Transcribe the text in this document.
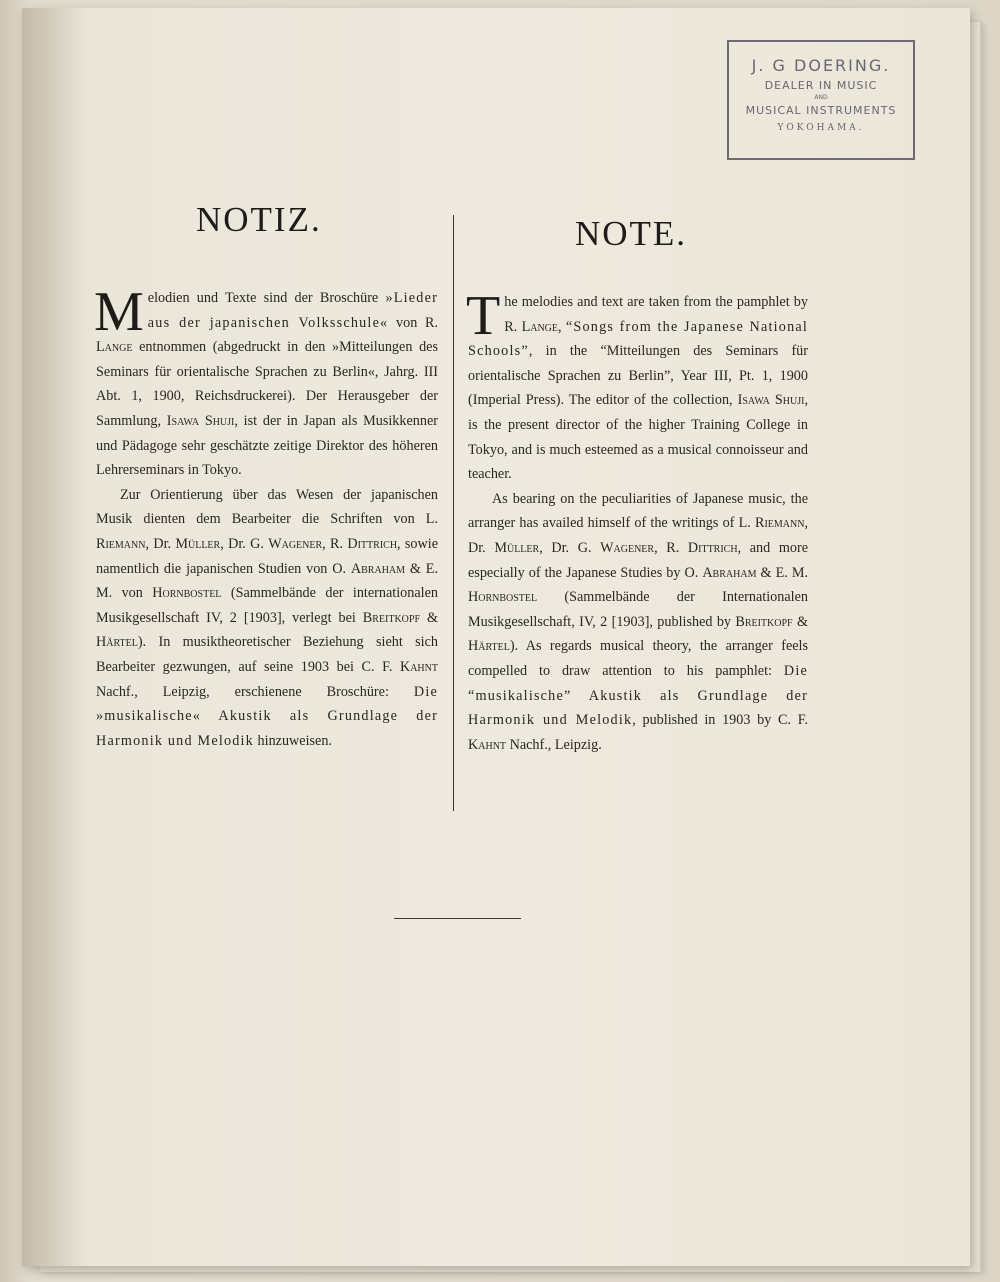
J. G DOERING.
DEALER IN MUSIC
AND
MUSICAL INSTRUMENTS
YOKOHAMA.
NOTIZ.	NOTE.

Melodien und Texte sind der Broschüre »Lieder aus der japanischen Volksschule« von R. Lange entnommen (abgedruckt in den »Mitteilungen des Seminars für orientalische Sprachen zu Berlin«, Jahrg. III Abt. 1, 1900, Reichsdruckerei). Der Herausgeber der Sammlung, Isawa Shuji, ist der in Japan als Musikkenner und Pädagoge sehr geschätzte zeitige Direktor des höheren Lehrerseminars in Tokyo.

Zur Orientierung über das Wesen der japanischen Musik dienten dem Bearbeiter die Schriften von L. Riemann, Dr. Müller, Dr. G. Wagener, R. Dittrich, sowie namentlich die japanischen Studien von O. Abraham & E. M. von Hornbostel (Sammelbände der internationalen Musikgesellschaft IV, 2 [1903], verlegt bei Breitkopf & Härtel). In musiktheoretischer Beziehung sieht sich Bearbeiter gezwungen, auf seine 1903 bei C. F. Kahnt Nachf., Leipzig, erschienene Broschüre: Die »musikalische« Akustik als Grundlage der Harmonik und Melodik hinzuweisen.

The melodies and text are taken from the pamphlet by R. Lange, “Songs from the Japanese National Schools”, in the “Mitteilungen des Seminars für orientalische Sprachen zu Berlin”, Year III, Pt. 1, 1900 (Imperial Press). The editor of the collection, Isawa Shuji, is the present director of the higher Training College in Tokyo, and is much esteemed as a musical connoisseur and teacher.

As bearing on the peculiarities of Japanese music, the arranger has availed himself of the writings of L. Riemann, Dr. Müller, Dr. G. Wagener, R. Dittrich, and more especially of the Japanese Studies by O. Abraham & E. M. Hornbostel (Sammelbände der Internationalen Musikgesellschaft, IV, 2 [1903], published by Breitkopf & Härtel). As regards musical theory, the arranger feels compelled to draw attention to his pamphlet: Die “musikalische” Akustik als Grundlage der Harmonik und Melodik, published in 1903 by C. F. Kahnt Nachf., Leipzig.
